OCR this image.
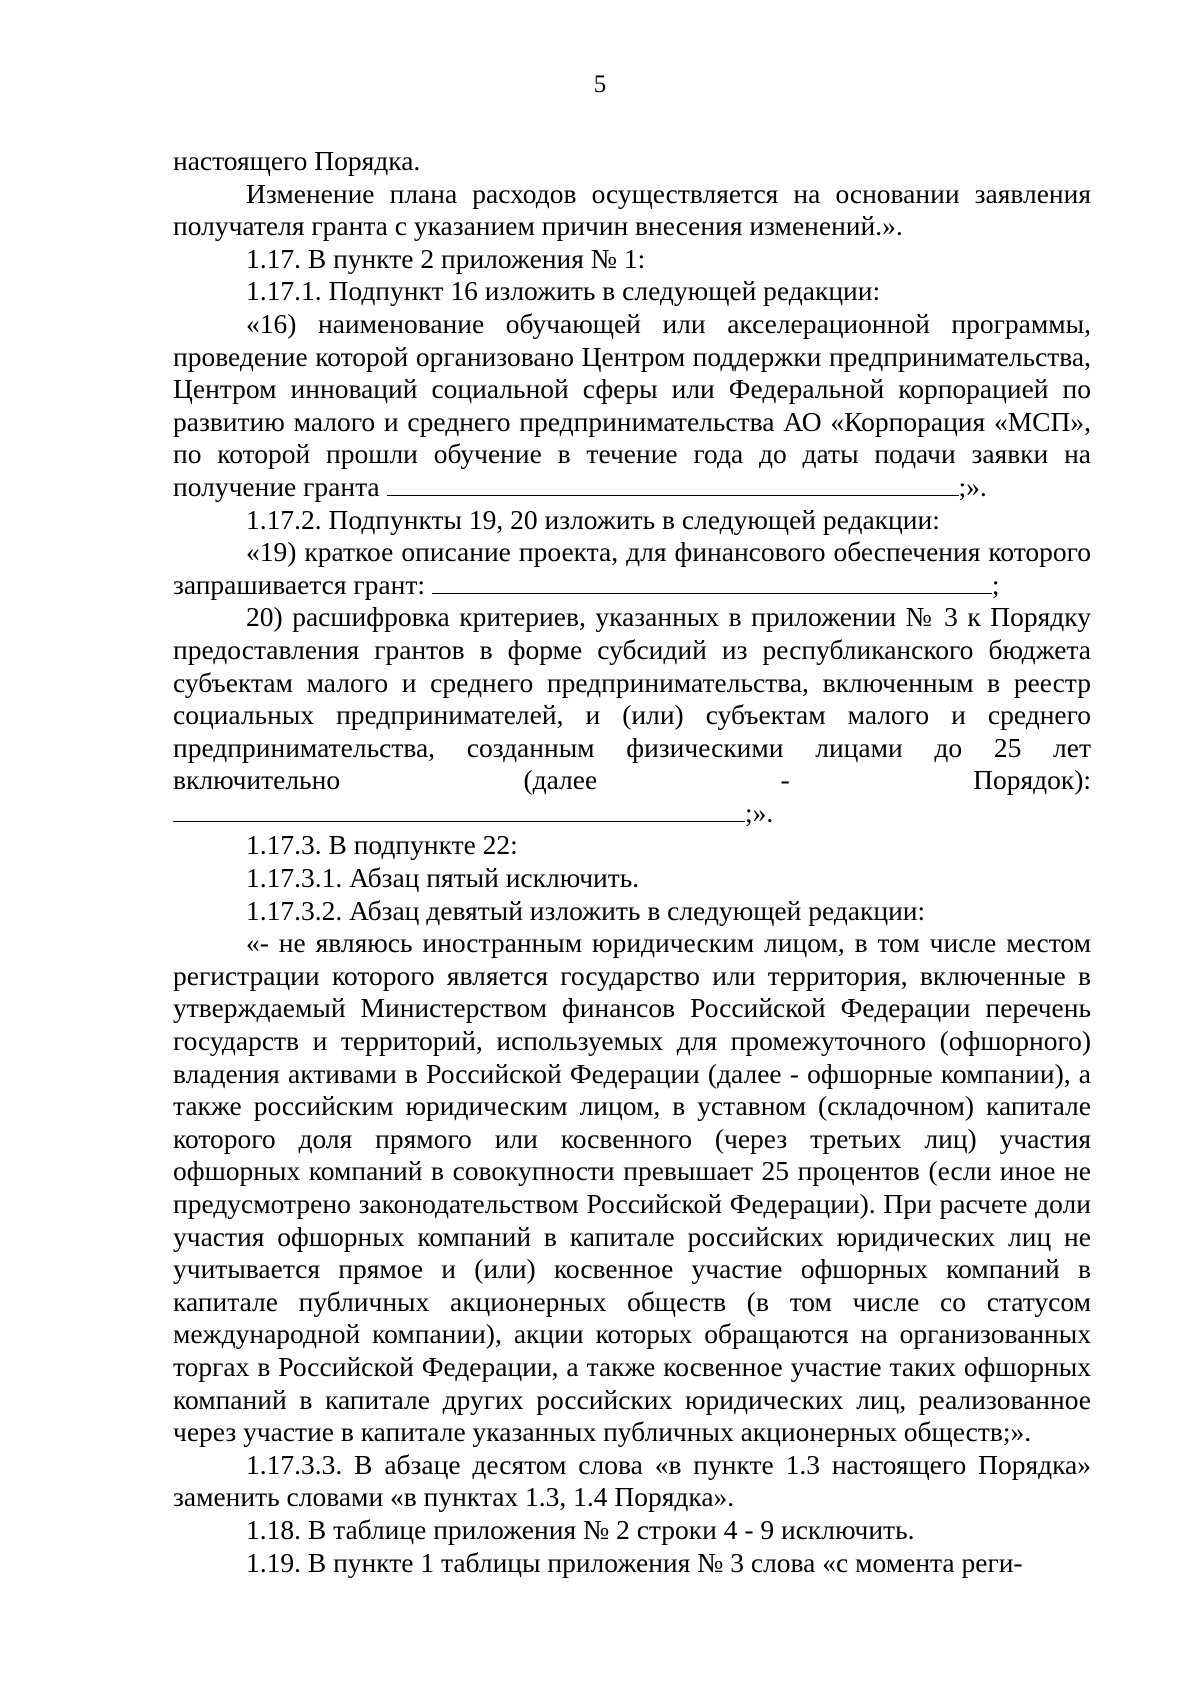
5

настоящего Порядка.

Изменение плана расходов осуществляется на основании заявления получателя гранта с указанием причин внесения изменений.».

1.17. В пункте 2 приложения № 1:

1.17.1. Подпункт 16 изложить в следующей редакции:

«16) наименование обучающей или акселерационной программы, проведение которой организовано Центром поддержки предпринимательства, Центром инноваций социальной сферы или Федеральной корпорацией по развитию малого и среднего предпринимательства АО «Корпорация «МСП», по которой прошли обучение в течение года до даты подачи заявки на получение гранта	;».

1.17.2. Подпункты 19, 20 изложить в следующей редакции:

«19) краткое описание проекта, для финансового обеспечения которого запрашивается грант:	;

20) расшифровка критериев, указанных в приложении № 3 к Порядку предоставления грантов в форме субсидий из республиканского бюджета субъектам малого и среднего предпринимательства, включенным в реестр социальных предпринимателей, и (или) субъектам малого и среднего предпринимательства, созданным физическими лицами до 25 лет включительно (далее - Порядок):;».

1.17.3. В подпункте 22:

1.17.3.1. Абзац пятый исключить.

1.17.3.2. Абзац девятый изложить в следующей редакции:

«- не являюсь иностранным юридическим лицом, в том числе местом регистрации которого является государство или территория, включенные в утверждаемый Министерством финансов Российской Федерации перечень государств и территорий, используемых для промежуточного (офшорного) владения активами в Российской Федерации (далее - офшорные компании), а также российским юридическим лицом, в уставном (складочном) капитале которого доля прямого или косвенного (через третьих лиц) участия офшорных компаний в совокупности превышает 25 процентов (если иное не предусмотрено законодательством Российской Федерации). При расчете доли участия офшорных компаний в капитале российских юридических лиц не учитывается прямое и (или) косвенное участие офшорных компаний в капитале публичных акционерных обществ (в том числе со статусом международной компании), акции которых обращаются на организованных торгах в Российской Федерации, а также косвенное участие таких офшорных компаний в капитале других российских юридических лиц, реализованное через участие в капитале указанных публичных акционерных обществ;».

1.17.3.3. В абзаце десятом слова «в пункте 1.3 настоящего Порядка» заменить словами «в пунктах 1.3, 1.4 Порядка».

1.18. В таблице приложения № 2 строки 4 - 9 исключить.

1.19. В пункте 1 таблицы приложения № 3 слова «с момента реги-
